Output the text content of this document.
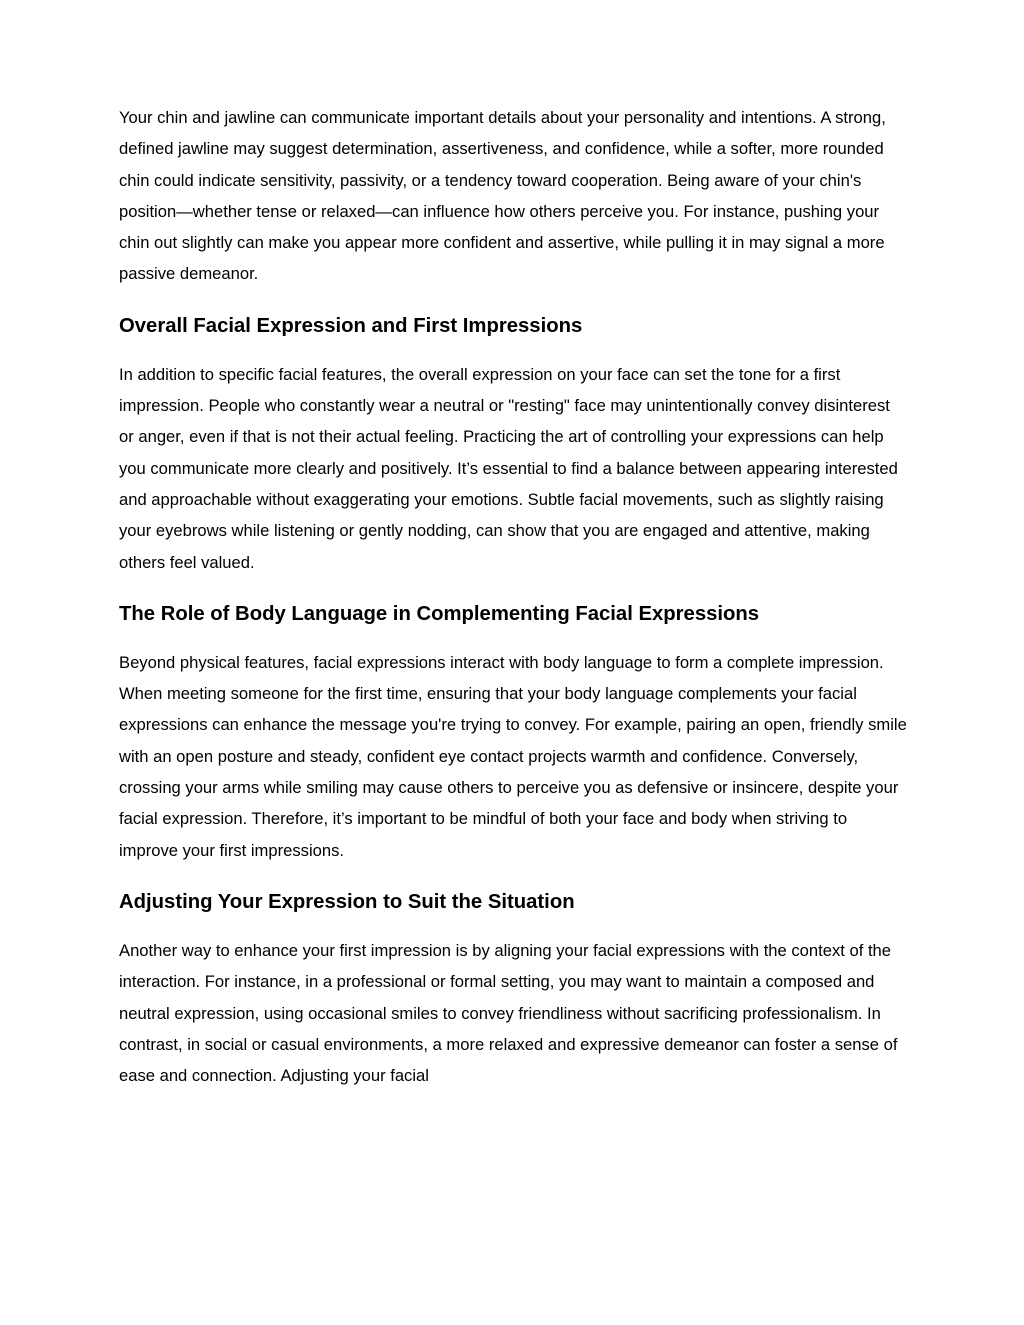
Your chin and jawline can communicate important details about your personality and intentions. A strong, defined jawline may suggest determination, assertiveness, and confidence, while a softer, more rounded chin could indicate sensitivity, passivity, or a tendency toward cooperation. Being aware of your chin's position—whether tense or relaxed—can influence how others perceive you. For instance, pushing your chin out slightly can make you appear more confident and assertive, while pulling it in may signal a more passive demeanor.

Overall Facial Expression and First Impressions

In addition to specific facial features, the overall expression on your face can set the tone for a first impression. People who constantly wear a neutral or "resting" face may unintentionally convey disinterest or anger, even if that is not their actual feeling. Practicing the art of controlling your expressions can help you communicate more clearly and positively. It’s essential to find a balance between appearing interested and approachable without exaggerating your emotions. Subtle facial movements, such as slightly raising your eyebrows while listening or gently nodding, can show that you are engaged and attentive, making others feel valued.

The Role of Body Language in Complementing Facial Expressions

Beyond physical features, facial expressions interact with body language to form a complete impression. When meeting someone for the first time, ensuring that your body language complements your facial expressions can enhance the message you're trying to convey. For example, pairing an open, friendly smile with an open posture and steady, confident eye contact projects warmth and confidence. Conversely, crossing your arms while smiling may cause others to perceive you as defensive or insincere, despite your facial expression. Therefore, it’s important to be mindful of both your face and body when striving to improve your first impressions.

Adjusting Your Expression to Suit the Situation

Another way to enhance your first impression is by aligning your facial expressions with the context of the interaction. For instance, in a professional or formal setting, you may want to maintain a composed and neutral expression, using occasional smiles to convey friendliness without sacrificing professionalism. In contrast, in social or casual environments, a more relaxed and expressive demeanor can foster a sense of ease and connection. Adjusting your facial
